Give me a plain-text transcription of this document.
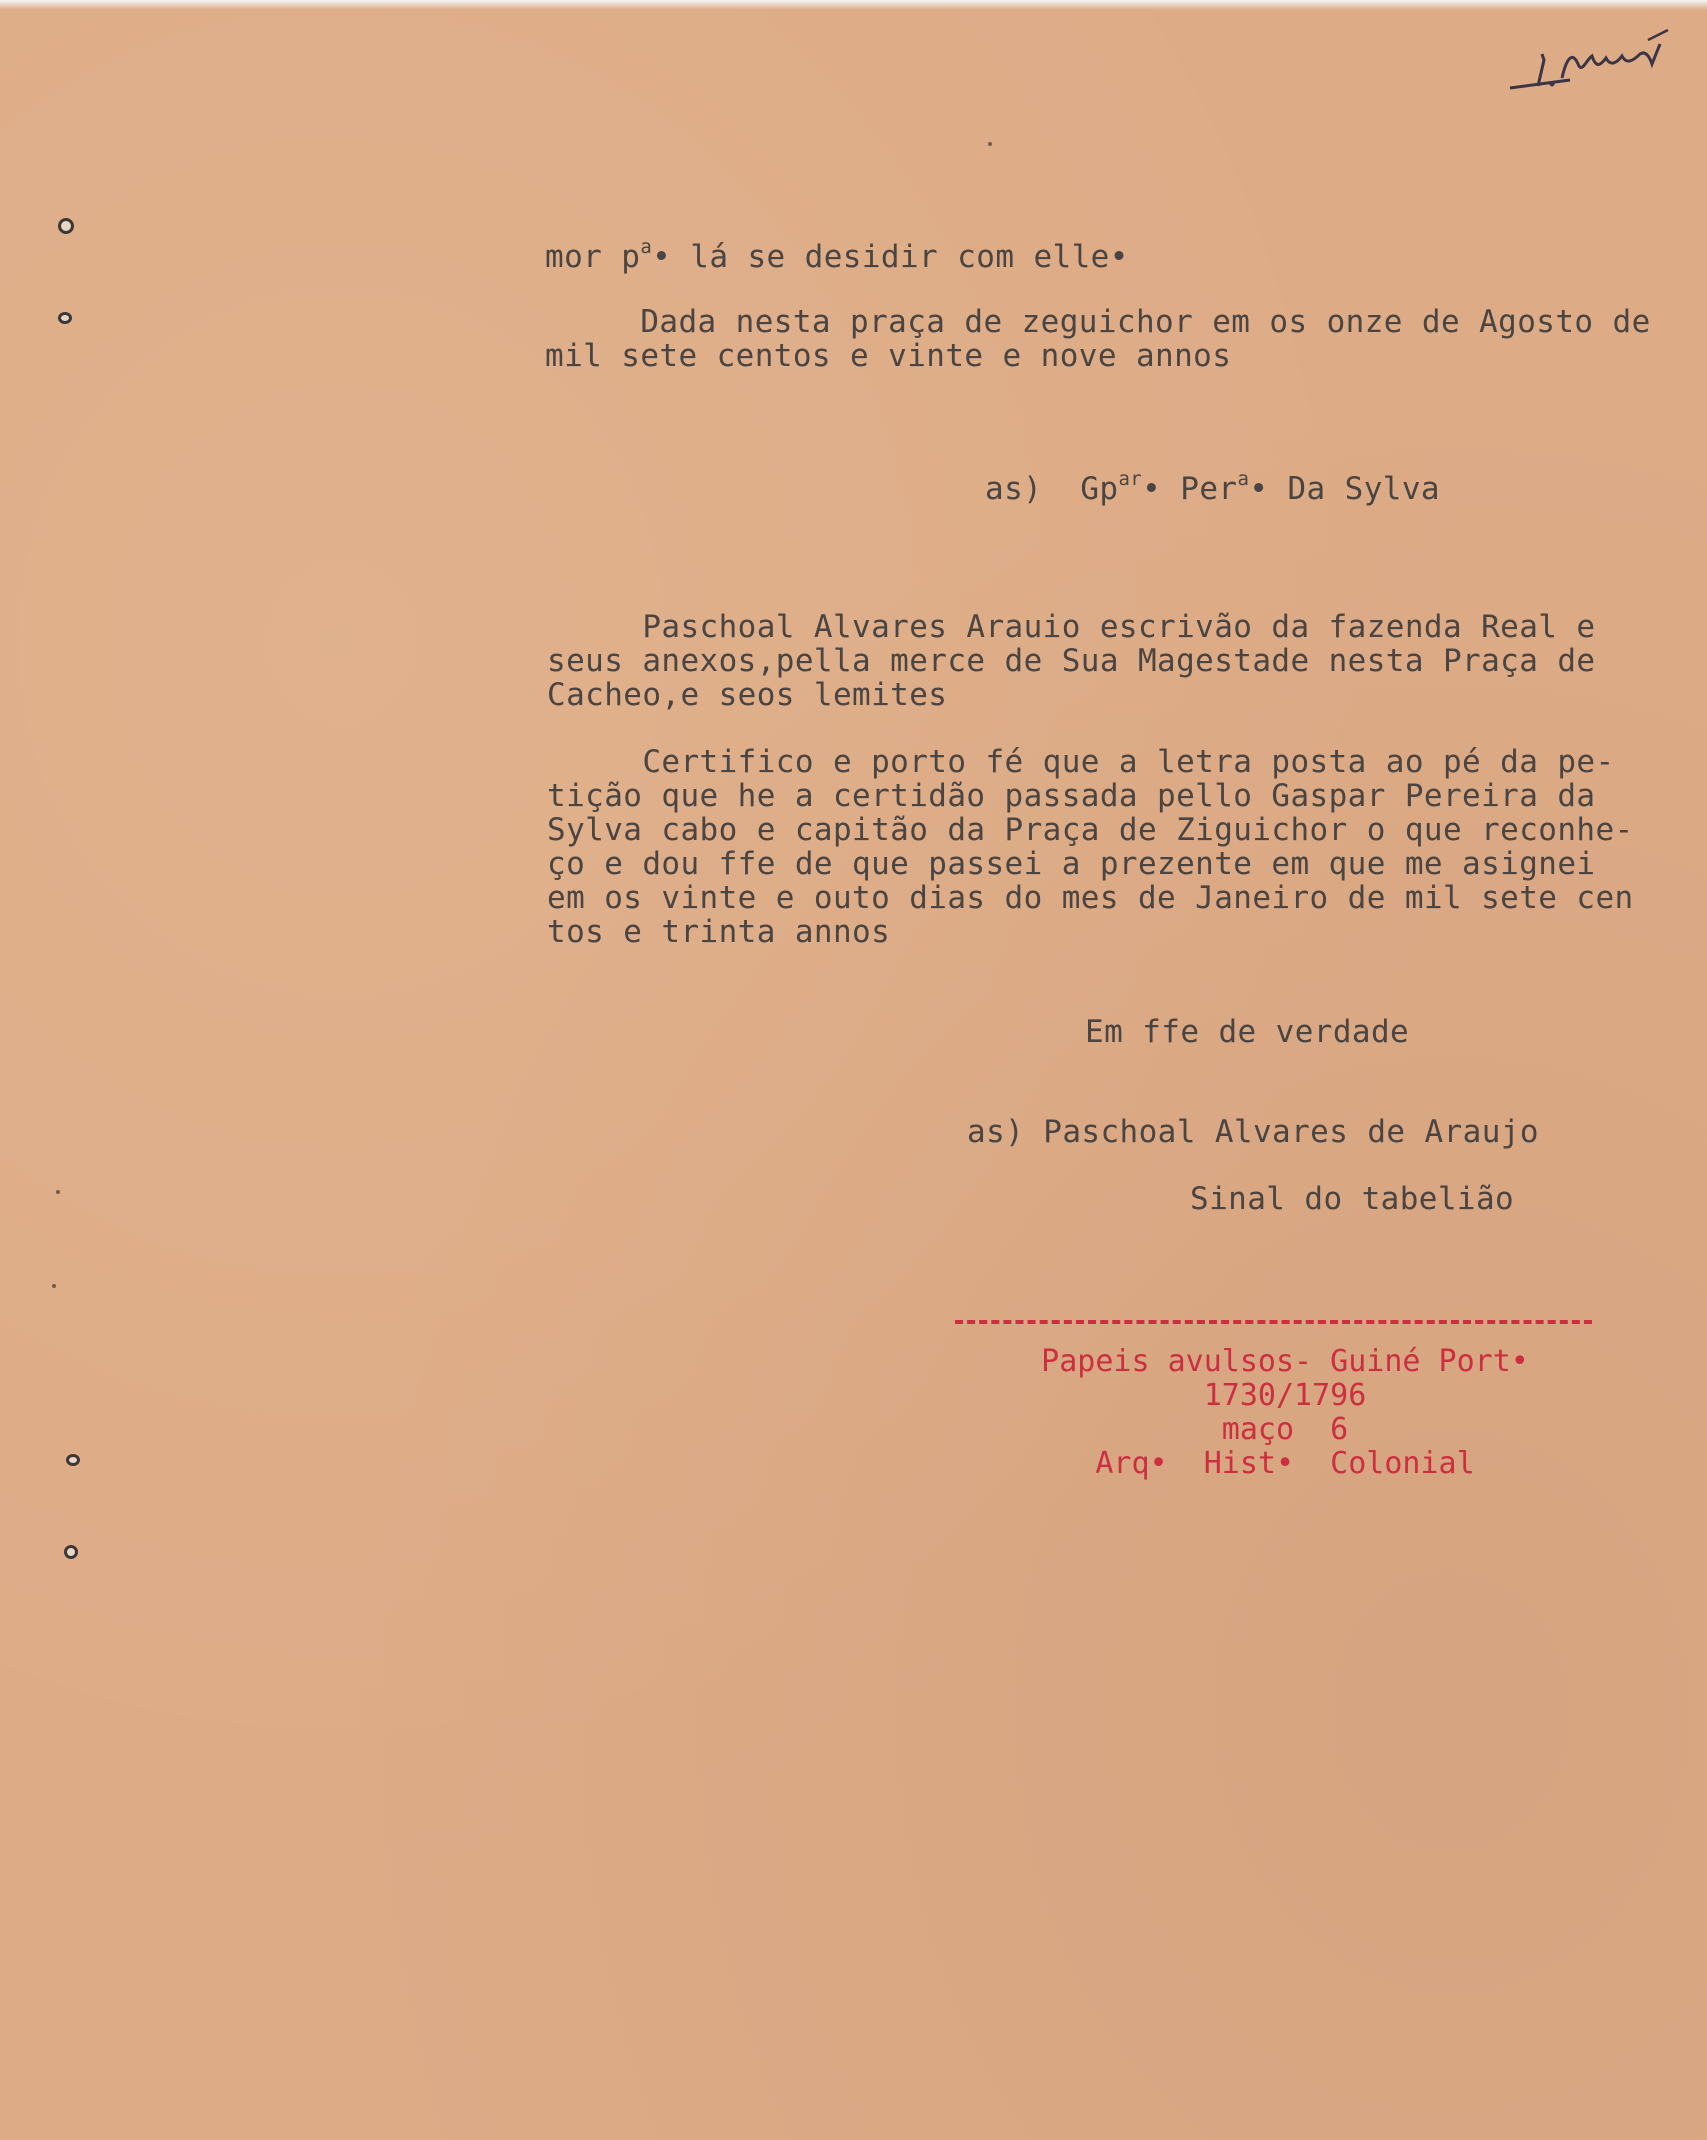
mor $p^a•$ lá se desidir com elle•
Dada nesta praça de zeguichor em os onze de Agosto de
mil sete centos e vinte e nove annos
as)  $Gp^{ar}•$ Per$^a$• Da Sylva
Paschoal Alvares Arauio escrivão da fazenda Real e
seus anexos,pella merce de Sua Magestade nesta Praça de
Cacheo,e seos lemites
Certifico e porto fé que a letra posta ao pé da pe-
tição que he a certidão passada pello Gaspar Pereira da
Sylva cabo e capitão da Praça de Ziguichor o que reconhe-
ço e dou ffe de que passei a prezente em que me asignei
em os vinte e outo dias do mes de Janeiro de mil sete cen
tos e trinta annos
Em ffe de verdade
as) Paschoal Alvares de Araujo
Sinal do tabelião
Papeis avulsos- Guiné Port•
1730/1796
maço  6
Arq•  Hist•  Colonial
